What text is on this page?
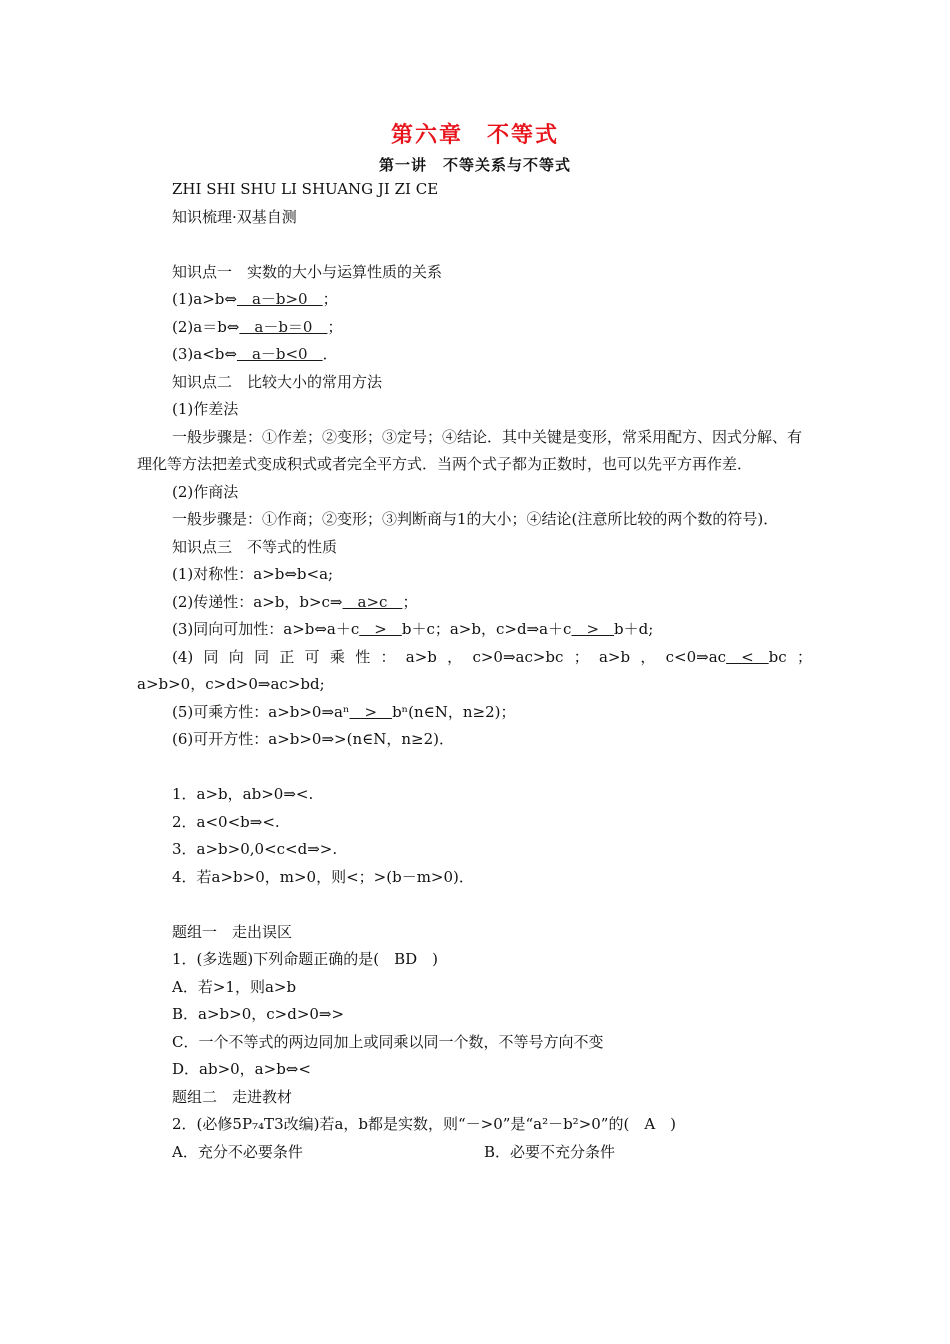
第六章　不等式
第一讲　不等关系与不等式
ZHI SHI SHU LI SHUANG JI ZI CE
知识梳理·双基自测
知识点一　实数的大小与运算性质的关系
(1)a>b⇔　a－b>0　；
(2)a＝b⇔　a－b＝0　；
(3)a<b⇔　a－b<0　．
知识点二　比较大小的常用方法
(1)作差法
一般步骤是：①作差；②变形；③定号；④结论．其中关键是变形，常采用配方、因式分解、有理化等方法把差式变成积式或者完全平方式．当两个式子都为正数时，也可以先平方再作差．
(2)作商法
一般步骤是：①作商；②变形；③判断商与1的大小；④结论(注意所比较的两个数的符号)．
知识点三　不等式的性质
(1)对称性：a>b⇔b<a;
(2)传递性：a>b，b>c⇒　a>c　；
(3)同向可加性：a>b⇔a＋c　>　b＋c；a>b，c>d⇒a＋c　>　b＋d;
(4) 同 向 同 正 可 乘 性 ： a>b ， c>0⇒ac>bc ； a>b ， c<0⇒ac　<　bc ；
a>b>0，c>d>0⇒ac>bd;
(5)可乘方性：a>b>0⇒aⁿ　>　bⁿ(n∈N，n≥2)；
(6)可开方性：a>b>0⇒>(n∈N，n≥2)．
1．a>b，ab>0⇒<.
2．a<0<b⇒<.
3．a>b>0,0<c<d⇒>.
4．若a>b>0，m>0，则<；>(b－m>0)．
题组一　走出误区
1．(多选题)下列命题正确的是(　BD　)
A．若>1，则a>b
B．a>b>0，c>d>0⇒>
C．一个不等式的两边同加上或同乘以同一个数，不等号方向不变
D．ab>0，a>b⇔<
题组二　走进教材
2．(必修5P₇₄T3改编)若a，b都是实数，则“－>0”是“a²－b²>0”的(　A　)
A．充分不必要条件	B．必要不充分条件
